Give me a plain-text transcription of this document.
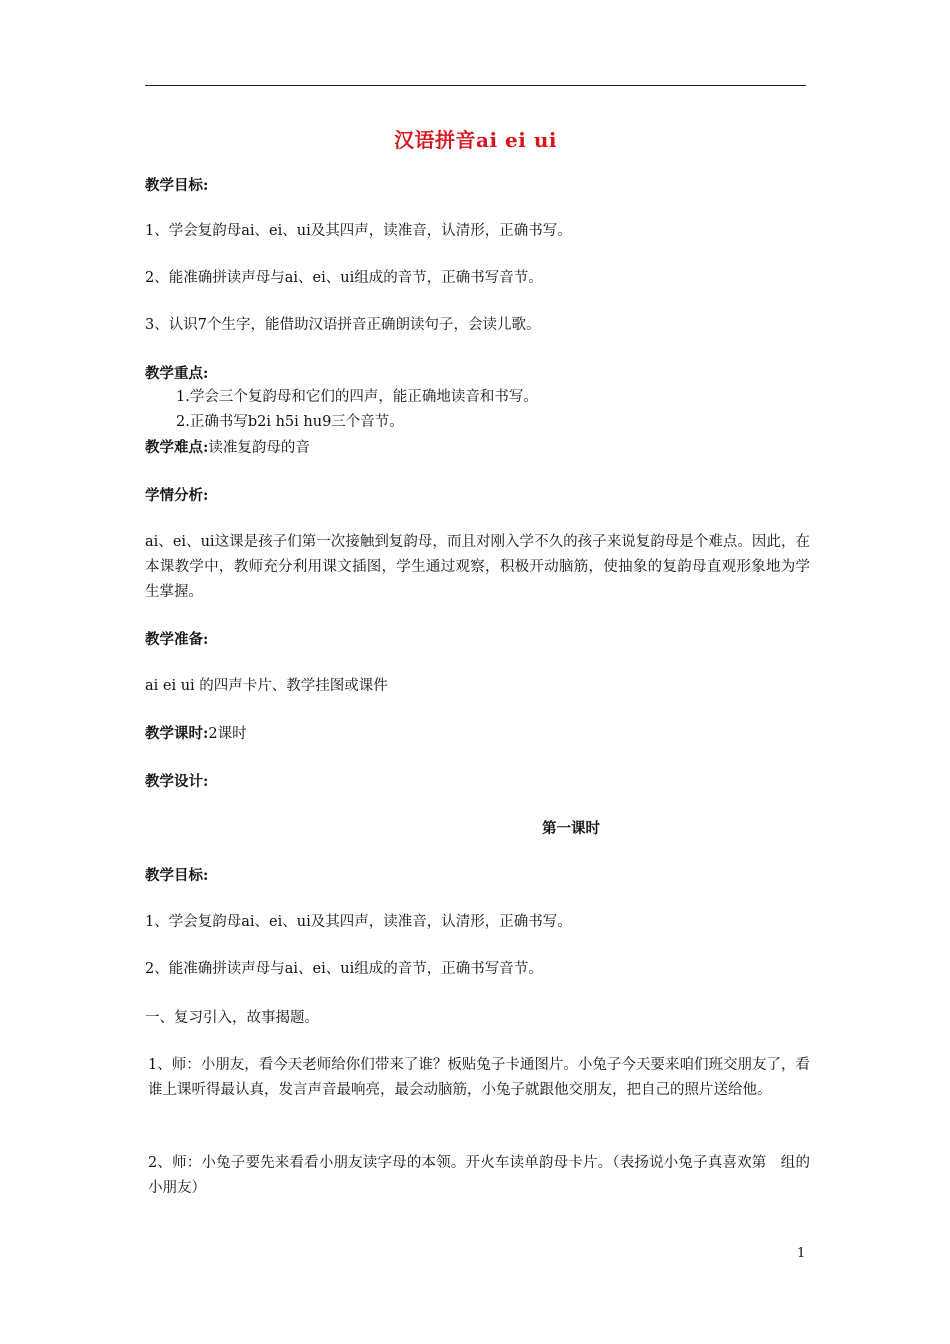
汉语拼音ai ei ui
教学目标:
1、学会复韵母ai、ei、ui及其四声，读准音，认清形，正确书写。
2、能准确拼读声母与ai、ei、ui组成的音节，正确书写音节。
3、认识7个生字，能借助汉语拼音正确朗读句子，会读儿歌。
教学重点:
1.学会三个复韵母和它们的四声，能正确地读音和书写。
2.正确书写b2i h5i hu9三个音节。
教学难点:读准复韵母的音
学情分析:
ai、ei、ui这课是孩子们第一次接触到复韵母，而且对刚入学不久的孩子来说复韵母是个难点。因此，在本课教学中，教师充分利用课文插图，学生通过观察，积极开动脑筋，使抽象的复韵母直观形象地为学生掌握。
教学准备:
ai ei ui 的四声卡片、教学挂图或课件
教学课时:2课时
教学设计:
第一课时
教学目标:
1、学会复韵母ai、ei、ui及其四声，读准音，认清形，正确书写。
2、能准确拼读声母与ai、ei、ui组成的音节，正确书写音节。
一、复习引入，故事揭题。
1、师：小朋友，看今天老师给你们带来了谁？板贴兔子卡通图片。小兔子今天要来咱们班交朋友了，看谁上课听得最认真，发言声音最响亮，最会动脑筋，小兔子就跟他交朋友，把自己的照片送给他。
2、师：小兔子要先来看看小朋友读字母的本领。开火车读单韵母卡片。（表扬说小兔子真喜欢第   组的小朋友）
1
